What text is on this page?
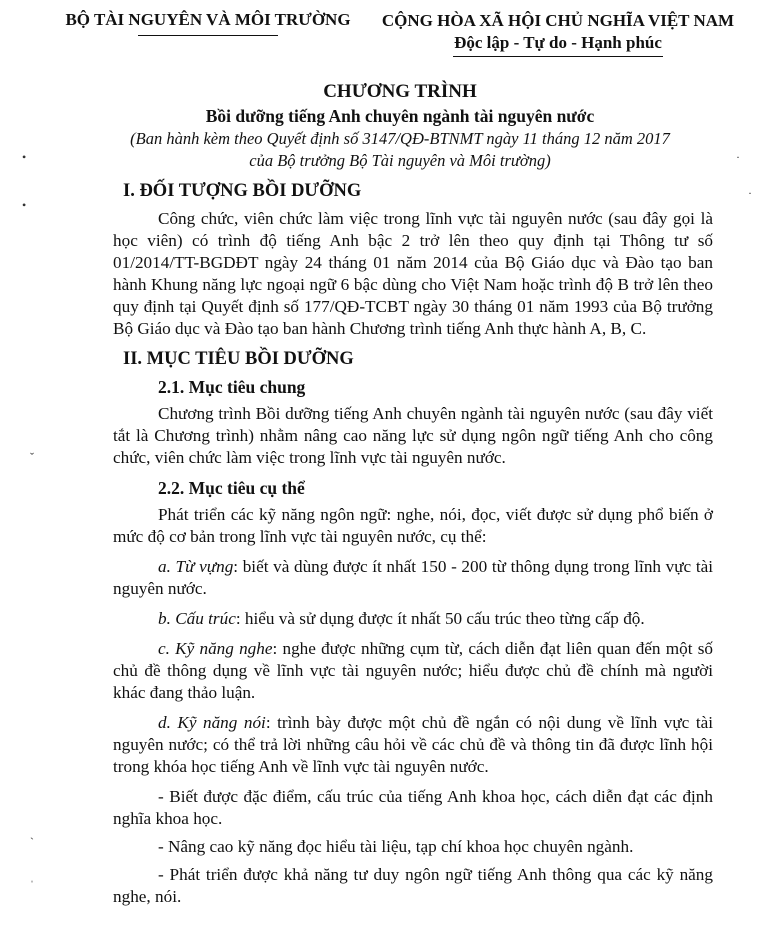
BỘ TÀI NGUYÊN VÀ MÔI TRƯỜNG	CỘNG HÒA XÃ HỘI CHỦ NGHĨA VIỆT NAM
Độc lập - Tự do - Hạnh phúc
CHƯƠNG TRÌNH
Bồi dưỡng tiếng Anh chuyên ngành tài nguyên nước
(Ban hành kèm theo Quyết định số 3147/QĐ-BTNMT ngày 11 tháng 12 năm 2017
của Bộ trưởng Bộ Tài nguyên và Môi trường)
I. ĐỐI TƯỢNG BỒI DƯỠNG

Công chức, viên chức làm việc trong lĩnh vực tài nguyên nước (sau đây gọi là học viên) có trình độ tiếng Anh bậc 2 trở lên theo quy định tại Thông tư số 01/2014/TT-BGDĐT ngày 24 tháng 01 năm 2014 của Bộ Giáo dục và Đào tạo ban hành Khung năng lực ngoại ngữ 6 bậc dùng cho Việt Nam hoặc trình độ B trở lên theo quy định tại Quyết định số 177/QĐ-TCBT ngày 30 tháng 01 năm 1993 của Bộ trưởng Bộ Giáo dục và Đào tạo ban hành Chương trình tiếng Anh thực hành A, B, C.

II. MỤC TIÊU BỒI DƯỠNG
2.1. Mục tiêu chung

Chương trình Bồi dưỡng tiếng Anh chuyên ngành tài nguyên nước (sau đây viết tắt là Chương trình) nhằm nâng cao năng lực sử dụng ngôn ngữ tiếng Anh cho công chức, viên chức làm việc trong lĩnh vực tài nguyên nước.

2.2. Mục tiêu cụ thể

Phát triển các kỹ năng ngôn ngữ: nghe, nói, đọc, viết được sử dụng phổ biến ở mức độ cơ bản trong lĩnh vực tài nguyên nước, cụ thể:

a. Từ vựng: biết và dùng được ít nhất 150 - 200 từ thông dụng trong lĩnh vực tài nguyên nước.

b. Cấu trúc: hiểu và sử dụng được ít nhất 50 cấu trúc theo từng cấp độ.

c. Kỹ năng nghe: nghe được những cụm từ, cách diễn đạt liên quan đến một số chủ đề thông dụng về lĩnh vực tài nguyên nước; hiểu được chủ đề chính mà người khác đang thảo luận.

d. Kỹ năng nói: trình bày được một chủ đề ngắn có nội dung về lĩnh vực tài nguyên nước; có thể trả lời những câu hỏi về các chủ đề và thông tin đã được lĩnh hội trong khóa học tiếng Anh về lĩnh vực tài nguyên nước.

- Biết được đặc điểm, cấu trúc của tiếng Anh khoa học, cách diễn đạt các định nghĩa khoa học.

- Nâng cao kỹ năng đọc hiểu tài liệu, tạp chí khoa học chuyên ngành.

- Phát triển được khả năng tư duy ngôn ngữ tiếng Anh thông qua các kỹ năng nghe, nói.

•
•
ˇ
ˋ
ˈ
·
·
